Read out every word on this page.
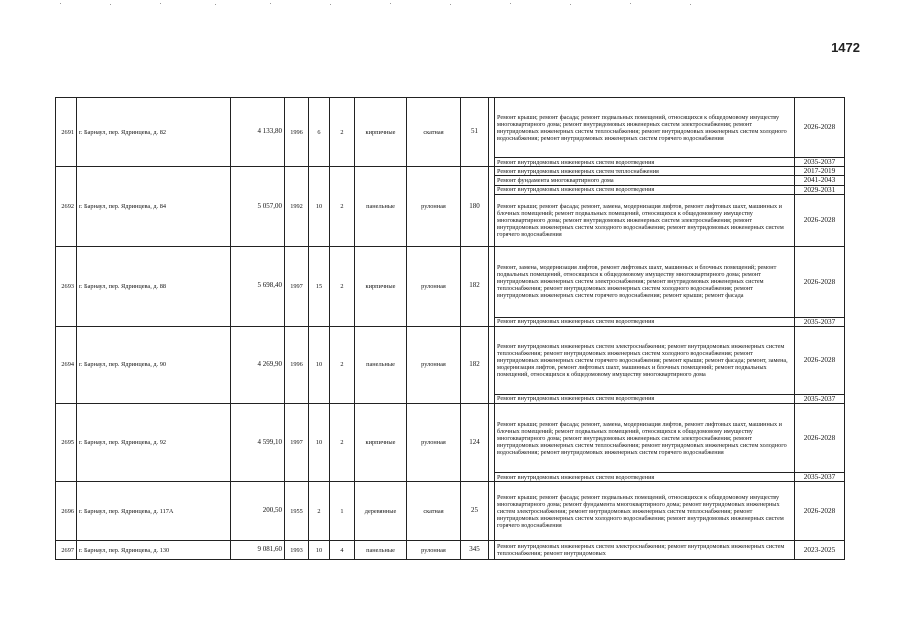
1472
2691	г. Барнаул, пер. Ядринцева, д. 82	4 133,80	1996	6	2	кирпичные	скатная	51		Ремонт крыши; ремонт фасада; ремонт подвальных помещений, относящихся к общедомовому имуществу многоквартирного дома; ремонт внутридомовых инженерных систем электроснабжения; ремонт внутридомовых инженерных систем теплоснабжения; ремонт внутридомовых инженерных систем холодного водоснабжения; ремонт внутридомовых инженерных систем горячего водоснабжения	2026-2028
										Ремонт внутридомовых инженерных систем водоотведения	2035-2037
2692	г. Барнаул, пер. Ядринцева, д. 84	5 057,00	1992	10	2	панельные	рулонная	180		Ремонт внутридомовых инженерных систем теплоснабжения	2017-2019
										Ремонт фундамента многоквартирного дома	2041-2043
										Ремонт внутридомовых инженерных систем водоотведения	2029-2031
										Ремонт крыши; ремонт фасада; ремонт, замена, модернизация лифтов, ремонт лифтовых шахт, машинных и блочных помещений; ремонт подвальных помещений, относящихся к общедомовому имуществу многоквартирного дома; ремонт внутридомовых инженерных систем электроснабжения; ремонт внутридомовых инженерных систем холодного водоснабжения; ремонт внутридомовых инженерных систем горячего водоснабжения	2026-2028
2693	г. Барнаул, пер. Ядринцева, д. 88	5 698,40	1997	15	2	кирпичные	рулонная	182		Ремонт, замена, модернизация лифтов, ремонт лифтовых шахт, машинных и блочных помещений; ремонт подвальных помещений, относящихся к общедомовому имуществу многоквартирного дома; ремонт внутридомовых инженерных систем электроснабжения; ремонт внутридомовых инженерных систем теплоснабжения; ремонт внутридомовых инженерных систем холодного водоснабжения; ремонт внутридомовых инженерных систем горячего водоснабжения; ремонт крыши; ремонт фасада	2026-2028
										Ремонт внутридомовых инженерных систем водоотведения	2035-2037
2694	г. Барнаул, пер. Ядринцева, д. 90	4 269,90	1996	10	2	панельные	рулонная	182		Ремонт внутридомовых инженерных систем электроснабжения; ремонт внутридомовых инженерных систем теплоснабжения; ремонт внутридомовых инженерных систем холодного водоснабжения; ремонт внутридомовых инженерных систем горячего водоснабжения; ремонт крыши; ремонт фасада; ремонт, замена, модернизация лифтов, ремонт лифтовых шахт, машинных и блочных помещений; ремонт подвальных помещений, относящихся к общедомовому имуществу многоквартирного дома	2026-2028
										Ремонт внутридомовых инженерных систем водоотведения	2035-2037
2695	г. Барнаул, пер. Ядринцева, д. 92	4 599,10	1997	10	2	кирпичные	рулонная	124		Ремонт крыши; ремонт фасада; ремонт, замена, модернизация лифтов, ремонт лифтовых шахт, машинных и блочных помещений; ремонт подвальных помещений, относящихся к общедомовому имуществу многоквартирного дома; ремонт внутридомовых инженерных систем электроснабжения; ремонт внутридомовых инженерных систем теплоснабжения; ремонт внутридомовых инженерных систем холодного водоснабжения; ремонт внутридомовых инженерных систем горячего водоснабжения	2026-2028
										Ремонт внутридомовых инженерных систем водоотведения	2035-2037
2696	г. Барнаул, пер. Ядринцева, д. 117А	200,50	1955	2	1	деревянные	скатная	25		Ремонт крыши; ремонт фасада; ремонт подвальных помещений, относящихся к общедомовому имуществу многоквартирного дома; ремонт фундамента многоквартирного дома; ремонт внутридомовых инженерных систем электроснабжения; ремонт внутридомовых инженерных систем теплоснабжения; ремонт внутридомовых инженерных систем холодного водоснабжения; ремонт внутридомовых инженерных систем горячего водоснабжения	2026-2028
2697	г. Барнаул, пер. Ядринцева, д. 130	9 081,60	1993	10	4	панельные	рулонная	345		Ремонт внутридомовых инженерных систем электроснабжения; ремонт внутридомовых инженерных систем теплоснабжения; ремонт внутридомовых	2023-2025
